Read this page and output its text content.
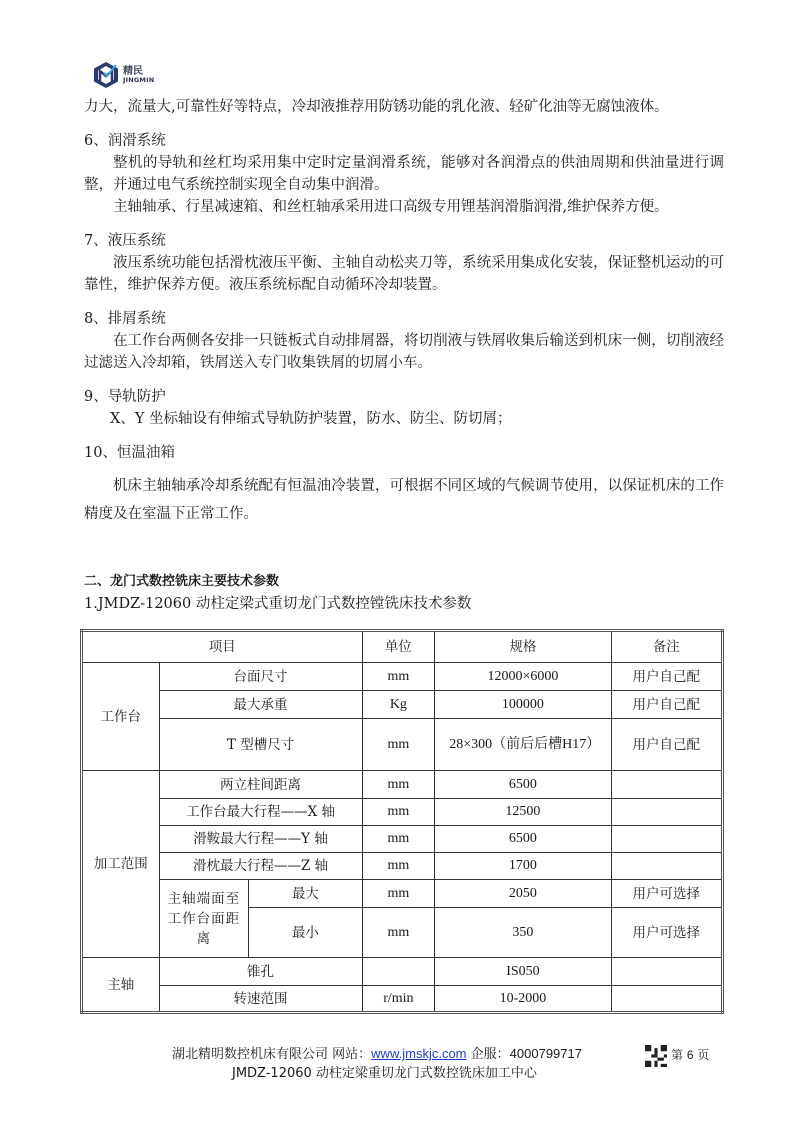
精民
JINGMIN

力大，流量大,可靠性好等特点，冷却液推荐用防锈功能的乳化液、轻矿化油等无腐蚀液体。

6、润滑系统

整机的导轨和丝杠均采用集中定时定量润滑系统，能够对各润滑点的供油周期和供油量进行调整，并通过电气系统控制实现全自动集中润滑。

主轴轴承、行星减速箱、和丝杠轴承采用进口高级专用锂基润滑脂润滑,维护保养方便。

7、液压系统

液压系统功能包括滑枕液压平衡、主轴自动松夹刀等，系统采用集成化安装，保证整机运动的可靠性，维护保养方便。液压系统标配自动循环冷却装置。

8、排屑系统

在工作台两侧各安排一只链板式自动排屑器，将切削液与铁屑收集后输送到机床一侧，切削液经过滤送入冷却箱，铁屑送入专门收集铁屑的切屑小车。

9、导轨防护

X、Y 坐标轴设有伸缩式导轨防护装置，防水、防尘、防切屑；

10、恒温油箱

机床主轴轴承冷却系统配有恒温油冷装置，可根据不同区域的气候调节使用，以保证机床的工作精度及在室温下正常工作。

二、龙门式数控铣床主要技术参数
1.JMDZ-12060 动柱定梁式重切龙门式数控镗铣床技术参数
项目			单位	规格	备注
工作台	台面尺寸		mm	12000×6000	用户自己配
	最大承重		Kg	100000	用户自己配
	T 型槽尺寸		mm	28×300（前后后槽H17）	用户自己配
加工范围	两立柱间距离		mm	6500	
	工作台最大行程——X 轴		mm	12500	
	滑鞍最大行程——Y 轴		mm	6500	
	滑枕最大行程——Z 轴		mm	1700	
	主轴端面至工作台面距离	最大	mm	2050	用户可选择
		最小	mm	350	用户可选择
主轴	锥孔			IS050	
	转速范围		r/min	10-2000	
湖北精明数控机床有限公司 网站：www.jmskjc.com 企服：4000799717
JMDZ-12060 动柱定梁重切龙门式数控铣床加工中心
第 6 页
